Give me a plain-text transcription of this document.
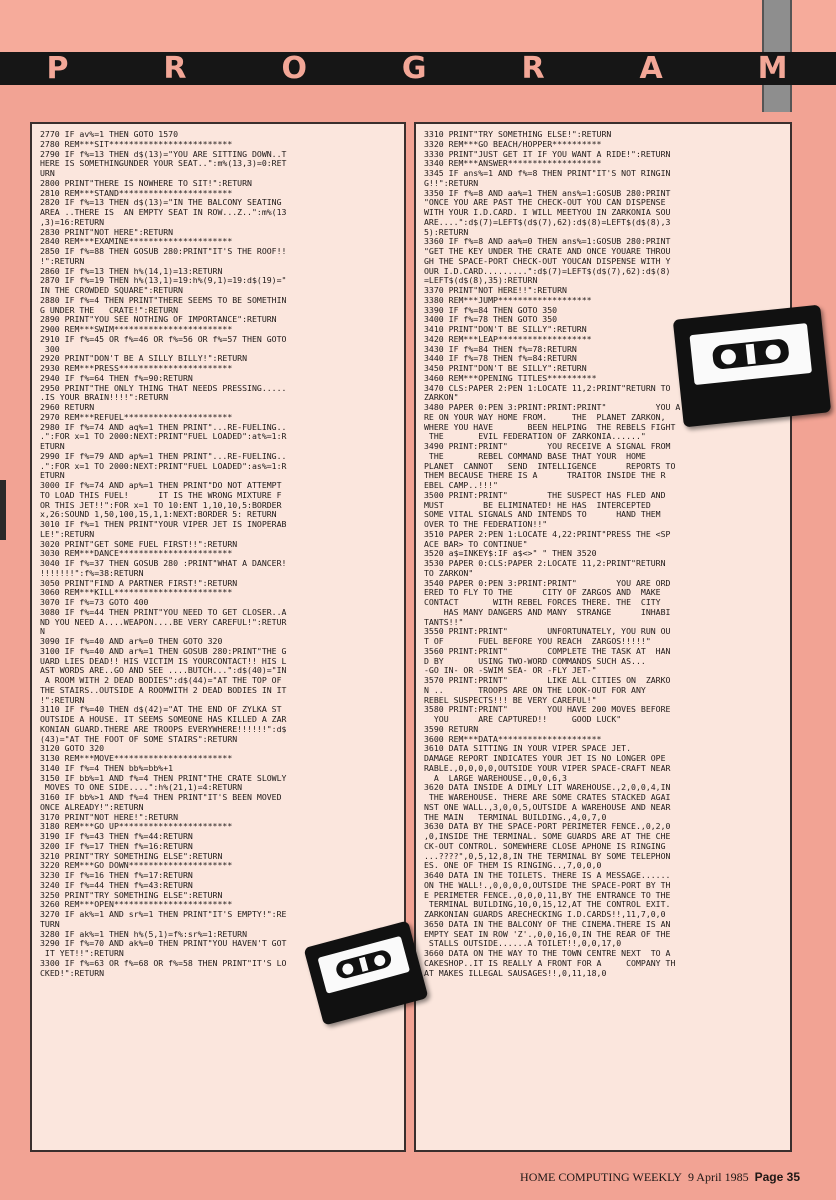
P	R	O	G	R	A	M
2770 IF av%=1 THEN GOTO 1570
2780 REM***SIT*************************
2790 IF f%=13 THEN d$(13)="YOU ARE SITTING DOWN..T
HERE IS SOMETHINGUNDER YOUR SEAT..":m%(13,3)=0:RET
URN
2800 PRINT"THERE IS NOWHERE TO SIT!":RETURN
2810 REM***STAND***********************
2820 IF f%=13 THEN d$(13)="IN THE BALCONY SEATING
AREA ..THERE IS  AN EMPTY SEAT IN ROW...Z..":m%(13
,3)=16:RETURN
2830 PRINT"NOT HERE":RETURN
2840 REM***EXAMINE*********************
2850 IF f%=88 THEN GOSUB 280:PRINT"IT'S THE ROOF!!
!":RETURN
2860 IF f%=13 THEN h%(14,1)=13:RETURN
2870 IF f%=19 THEN h%(13,1)=19:h%(9,1)=19:d$(19)="
IN THE CROWDED SQUARE":RETURN
2880 IF f%=4 THEN PRINT"THERE SEEMS TO BE SOMETHIN
G UNDER THE   CRATE!":RETURN
2890 PRINT"YOU SEE NOTHING OF IMPORTANCE":RETURN
2900 REM***SWIM************************
2910 IF f%=45 OR f%=46 OR f%=56 OR f%=57 THEN GOTO
300
2920 PRINT"DON'T BE A SILLY BILLY!":RETURN
2930 REM***PRESS***********************
2940 IF f%=64 THEN f%=90:RETURN
2950 PRINT"THE ONLY THING THAT NEEDS PRESSING.....
.IS YOUR BRAIN!!!!":RETURN
2960 RETURN
2970 REM***REFUEL**********************
2980 IF f%=74 AND aq%=1 THEN PRINT"...RE-FUELING..
.":FOR x=1 TO 2000:NEXT:PRINT"FUEL LOADED":at%=1:R
ETURN
2990 IF f%=79 AND ap%=1 THEN PRINT"...RE-FUELING..
.":FOR x=1 TO 2000:NEXT:PRINT"FUEL LOADED":as%=1:R
ETURN
3000 IF f%=74 AND ap%=1 THEN PRINT"DO NOT ATTEMPT
TO LOAD THIS FUEL!      IT IS THE WRONG MIXTURE F
OR THIS JET!!":FOR x=1 TO 10:ENT 1,10,10,5:BORDER
x,26:SOUND 1,50,100,15,1,1:NEXT:BORDER 5: RETURN
3010 IF f%=1 THEN PRINT"YOUR VIPER JET IS INOPERAB
LE!":RETURN
3020 PRINT"GET SOME FUEL FIRST!!":RETURN
3030 REM***DANCE***********************
3040 IF f%=37 THEN GOSUB 280 :PRINT"WHAT A DANCER!
!!!!!!!":f%=38:RETURN
3050 PRINT"FIND A PARTNER FIRST!":RETURN
3060 REM***KILL************************
3070 IF f%=73 GOTO 400
3080 IF f%=44 THEN PRINT"YOU NEED TO GET CLOSER..A
ND YOU NEED A....WEAPON....BE VERY CAREFUL!":RETUR
N
3090 IF f%=40 AND ar%=0 THEN GOTO 320
3100 IF f%=40 AND ar%=1 THEN GOSUB 280:PRINT"THE G
UARD LIES DEAD!! HIS VICTIM IS YOURCONTACT!! HIS L
AST WORDS ARE..GO AND SEE ....BUTCH...":d$(40)="IN
A ROOM WITH 2 DEAD BODIES":d$(44)="AT THE TOP OF
THE STAIRS..OUTSIDE A ROOMWITH 2 DEAD BODIES IN IT
!":RETURN
3110 IF f%=40 THEN d$(42)="AT THE END OF ZYLKA ST
OUTSIDE A HOUSE. IT SEEMS SOMEONE HAS KILLED A ZAR
KONIAN GUARD.THERE ARE TROOPS EVERYWHERE!!!!!!":d$
(43)="AT THE FOOT OF SOME STAIRS":RETURN
3120 GOTO 320
3130 REM***MOVE************************
3140 IF f%=4 THEN bb%=bb%+1
3150 IF bb%=1 AND f%=4 THEN PRINT"THE CRATE SLOWLY
MOVES TO ONE SIDE....":h%(21,1)=4:RETURN
3160 IF bb%>1 AND f%=4 THEN PRINT"IT'S BEEN MOVED
ONCE ALREADY!":RETURN
3170 PRINT"NOT HERE!":RETURN
3180 REM***GO UP***********************
3190 IF f%=43 THEN f%=44:RETURN
3200 IF f%=17 THEN f%=16:RETURN
3210 PRINT"TRY SOMETHING ELSE":RETURN
3220 REM***GO DOWN*********************
3230 IF f%=16 THEN f%=17:RETURN
3240 IF f%=44 THEN f%=43:RETURN
3250 PRINT"TRY SOMETHING ELSE":RETURN
3260 REM***OPEN************************
3270 IF ak%=1 AND sr%=1 THEN PRINT"IT'S EMPTY!":RE
TURN
3280 IF ak%=1 THEN h%(5,1)=f%:sr%=1:RETURN
3290 IF f%=70 AND ak%=0 THEN PRINT"YOU HAVEN'T GOT
IT YET!!":RETURN
3300 IF f%=63 OR f%=68 OR f%=58 THEN PRINT"IT'S LO
CKED!":RETURN
3310 PRINT"TRY SOMETHING ELSE!":RETURN
3320 REM***GO BEACH/HOPPER**********
3330 PRINT"JUST GET IT IF YOU WANT A RIDE!":RETURN
3340 REM***ANSWER*******************
3345 IF ans%=1 AND f%=8 THEN PRINT"IT'S NOT RINGIN
G!!":RETURN
3350 IF f%=8 AND aa%=1 THEN ans%=1:GOSUB 280:PRINT
"ONCE YOU ARE PAST THE CHECK-OUT YOU CAN DISPENSE
WITH YOUR I.D.CARD. I WILL MEETYOU IN ZARKONIA SOU
ARE....":d$(7)=LEFT$(d$(7),62):d$(8)=LEFT$(d$(8),3
5):RETURN
3360 IF f%=8 AND aa%=0 THEN ans%=1:GOSUB 280:PRINT
"GET THE KEY UNDER THE CRATE AND ONCE YOUARE THROU
GH THE SPACE-PORT CHECK-OUT YOUCAN DISPENSE WITH Y
OUR I.D.CARD.........":d$(7)=LEFT$(d$(7),62):d$(8)
=LEFT$(d$(8),35):RETURN
3370 PRINT"NOT HERE!!":RETURN
3380 REM***JUMP*******************
3390 IF f%=84 THEN GOTO 350
3400 IF f%=78 THEN GOTO 350
3410 PRINT"DON'T BE SILLY":RETURN
3420 REM***LEAP*******************
3430 IF f%=84 THEN f%=78:RETURN
3440 IF f%=78 THEN f%=84:RETURN
3450 PRINT"DON'T BE SILLY":RETURN
3460 REM***OPENING TITLES**********
3470 CLS:PAPER 2:PEN 1:LOCATE 11,2:PRINT"RETURN TO
ZARKON"
3480 PAPER 0:PEN 3:PRINT:PRINT:PRINT"          YOU A
RE ON YOUR WAY HOME FROM.     THE  PLANET ZARKON,
WHERE YOU HAVE       BEEN HELPING  THE REBELS FIGHT
THE       EVIL FEDERATION OF ZARKONIA......"
3490 PRINT:PRINT"        YOU RECEIVE A SIGNAL FROM
THE       REBEL COMMAND BASE THAT YOUR  HOME
PLANET  CANNOT   SEND  INTELLIGENCE      REPORTS TO
THEM BECAUSE THERE IS A      TRAITOR INSIDE THE R
EBEL CAMP..!!!"
3500 PRINT:PRINT"        THE SUSPECT HAS FLED AND
MUST        BE ELIMINATED! HE HAS  INTERCEPTED
SOME VITAL SIGNALS AND INTENDS TO      HAND THEM
OVER TO THE FEDERATION!!"
3510 PAPER 2:PEN 1:LOCATE 4,22:PRINT"PRESS THE <SP
ACE BAR> TO CONTINUE"
3520 a$=INKEY$:IF a$<>" " THEN 3520
3530 PAPER 0:CLS:PAPER 2:LOCATE 11,2:PRINT"RETURN
TO ZARKON"
3540 PAPER 0:PEN 3:PRINT:PRINT"        YOU ARE ORD
ERED TO FLY TO THE      CITY OF ZARGOS AND  MAKE
CONTACT       WITH REBEL FORCES THERE. THE  CITY
HAS MANY DANGERS AND MANY  STRANGE      INHABI
TANTS!!"
3550 PRINT:PRINT"        UNFORTUNATELY, YOU RUN OU
T OF       FUEL BEFORE YOU REACH  ZARGOS!!!!!"
3560 PRINT:PRINT"        COMPLETE THE TASK AT  HAN
D BY       USING TWO-WORD COMMANDS SUCH AS...
-GO IN- OR -SWIM SEA- OR -FLY JET-"
3570 PRINT:PRINT"        LIKE ALL CITIES ON  ZARKO
N ..       TROOPS ARE ON THE LOOK-OUT FOR ANY
REBEL SUSPECTS!!! BE VERY CAREFUL!"
3580 PRINT:PRINT"        YOU HAVE 200 MOVES BEFORE
YOU      ARE CAPTURED!!     GOOD LUCK"
3590 RETURN
3600 REM***DATA*********************
3610 DATA SITTING IN YOUR VIPER SPACE JET.
DAMAGE REPORT INDICATES YOUR JET IS NO LONGER OPE
RABLE.,0,0,0,0,OUTSIDE YOUR VIPER SPACE-CRAFT NEAR
A  LARGE WAREHOUSE.,0,0,6,3
3620 DATA INSIDE A DIMLY LIT WAREHOUSE.,2,0,0,4,IN
THE WAREHOUSE. THERE ARE SOME CRATES STACKED AGAI
NST ONE WALL.,3,0,0,5,OUTSIDE A WAREHOUSE AND NEAR
THE MAIN   TERMINAL BUILDING.,4,0,7,0
3630 DATA BY THE SPACE-PORT PERIMETER FENCE.,0,2,0
,0,INSIDE THE TERMINAL. SOME GUARDS ARE AT THE CHE
CK-OUT CONTROL. SOMEWHERE CLOSE APHONE IS RINGING
...????",0,5,12,8,IN THE TERMINAL BY SOME TELEPHON
ES. ONE OF THEM IS RINGING..,7,0,0,0
3640 DATA IN THE TOILETS. THERE IS A MESSAGE......
ON THE WALL!.,0,0,0,0,OUTSIDE THE SPACE-PORT BY TH
E PERIMETER FENCE.,0,0,0,11,BY THE ENTRANCE TO THE
TERMINAL BUILDING,10,0,15,12,AT THE CONTROL EXIT.
ZARKONIAN GUARDS ARECHECKING I.D.CARDS!!,11,7,0,0
3650 DATA IN THE BALCONY OF THE CINEMA.THERE IS AN
EMPTY SEAT IN ROW 'Z'.,0,0,16,0,IN THE REAR OF THE
STALLS OUTSIDE......A TOILET!!,0,0,17,0
3660 DATA ON THE WAY TO THE TOWN CENTRE NEXT  TO A
CAKESHOP..IT IS REALLY A FRONT FOR A     COMPANY TH
AT MAKES ILLEGAL SAUSAGES!!,0,11,18,0
HOME COMPUTING WEEKLY 9 April 1985 Page 35
